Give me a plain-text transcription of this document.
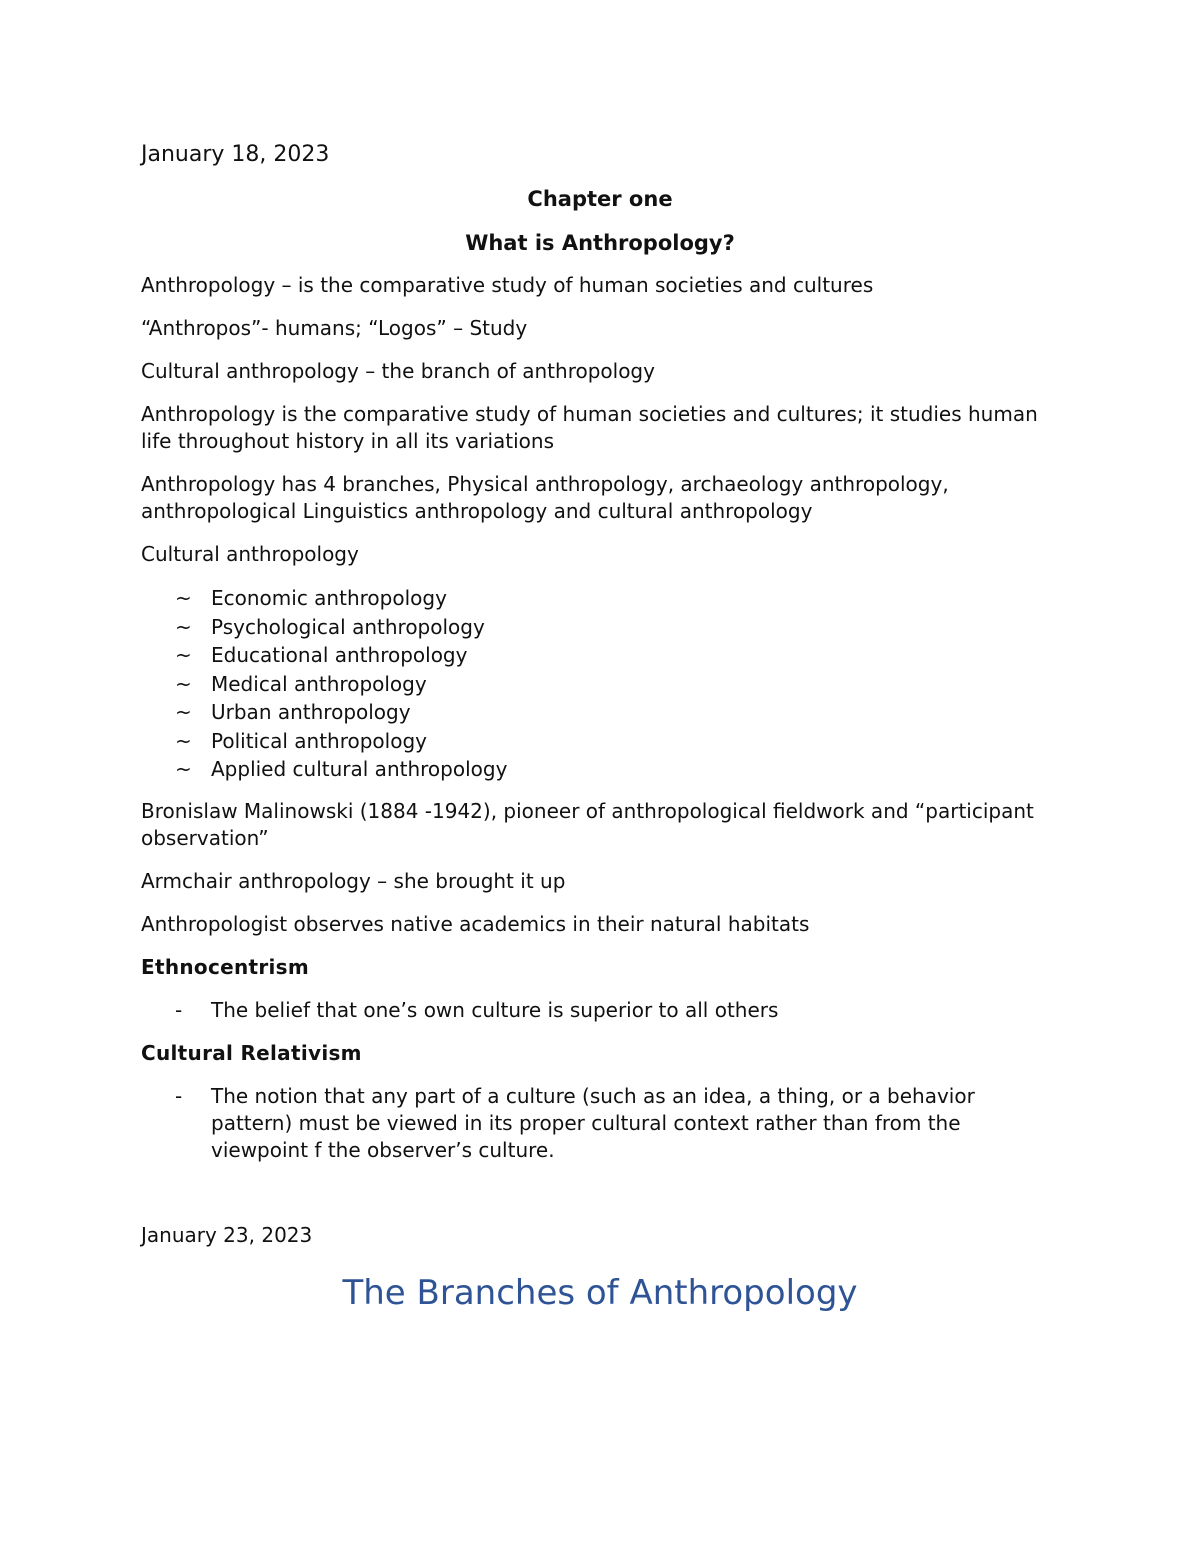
January 18, 2023
Chapter one
What is Anthropology?
Anthropology – is the comparative study of human societies and cultures
“Anthropos”- humans; “Logos” – Study
Cultural anthropology – the branch of anthropology
Anthropology is the comparative study of human societies and cultures; it studies human life throughout history in all its variations
Anthropology has 4 branches, Physical anthropology, archaeology anthropology, anthropological Linguistics anthropology and cultural anthropology
Cultural anthropology
~ Economic anthropology
~ Psychological anthropology
~ Educational anthropology
~ Medical anthropology
~ Urban anthropology
~ Political anthropology
~ Applied cultural anthropology
Bronislaw Malinowski (1884 -1942), pioneer of anthropological fieldwork and “participant observation”
Armchair anthropology – she brought it up
Anthropologist observes native academics in their natural habitats
Ethnocentrism
- The belief that one’s own culture is superior to all others
Cultural Relativism
- The notion that any part of a culture (such as an idea, a thing, or a behavior pattern) must be viewed in its proper cultural context rather than from the viewpoint f the observer’s culture.
January 23, 2023
The Branches of Anthropology
